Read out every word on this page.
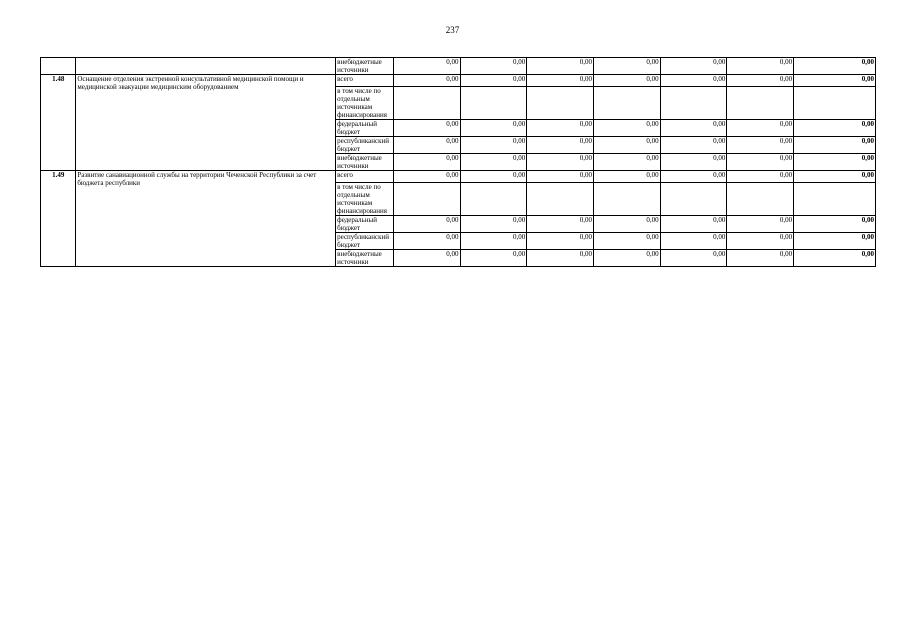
237
		внебюджетные источники	0,00	0,00	0,00	0,00	0,00	0,00	0,00
1.48	Оснащение отделения экстренной консультативной медицинской помощи и медицинской эвакуации медицинским оборудованием	всего	0,00	0,00	0,00	0,00	0,00	0,00	0,00
		в том числе по отдельным источникам финансирования							
		федеральный бюджет	0,00	0,00	0,00	0,00	0,00	0,00	0,00
		республиканский бюджет	0,00	0,00	0,00	0,00	0,00	0,00	0,00
		внебюджетные источники	0,00	0,00	0,00	0,00	0,00	0,00	0,00
1.49	Развитие санавиационной службы на территории Чеченской Республики за счет бюджета республики	всего	0,00	0,00	0,00	0,00	0,00	0,00	0,00
		в том числе по отдельным источникам финансирования							
		федеральный бюджет	0,00	0,00	0,00	0,00	0,00	0,00	0,00
		республиканский бюджет	0,00	0,00	0,00	0,00	0,00	0,00	0,00
		внебюджетные источники	0,00	0,00	0,00	0,00	0,00	0,00	0,00
